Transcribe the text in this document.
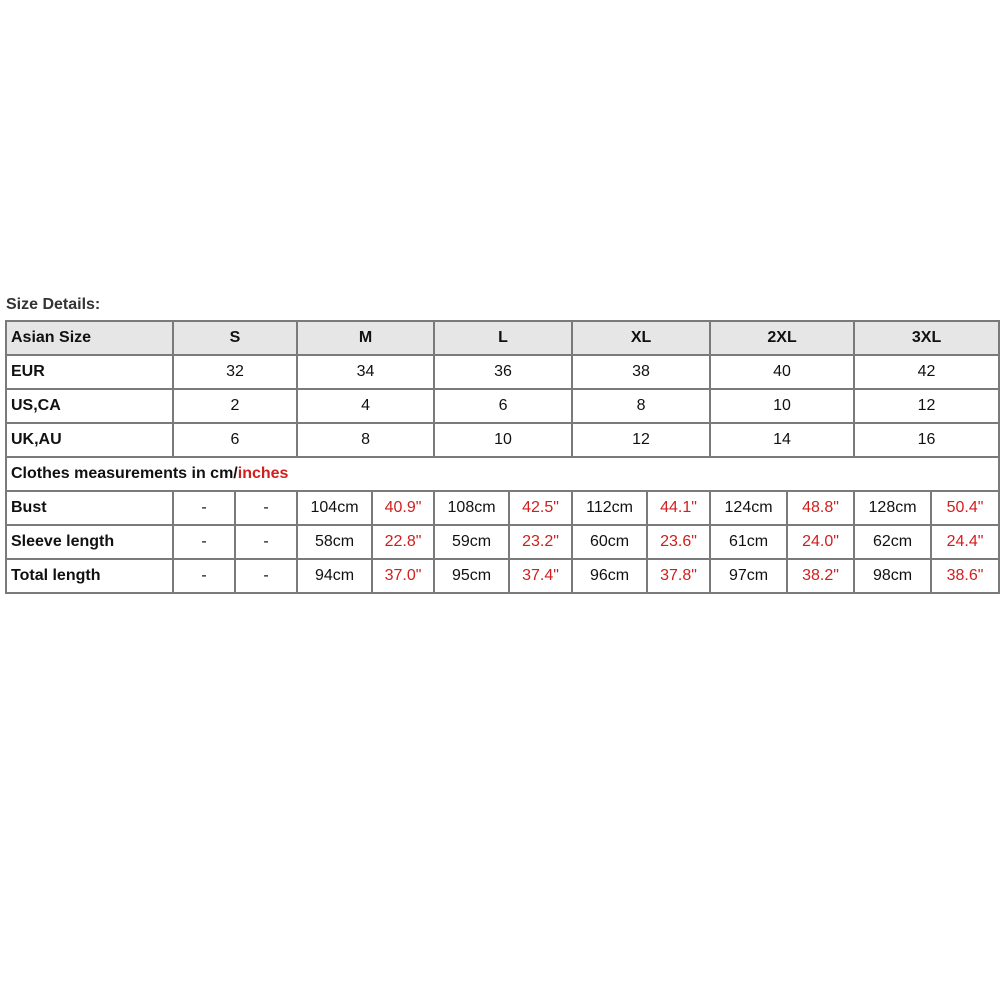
Size Details:
Asian Size	S		M		L		XL		2XL		3XL	
EUR	32		34		36		38		40		42	
US,CA	2		4		6		8		10		12	
UK,AU	6		8		10		12		14		16	
Clothes measurements in cm/inches												
Bust	-	-	104cm	40.9"	108cm	42.5"	112cm	44.1"	124cm	48.8"	128cm	50.4"
Sleeve length	-	-	58cm	22.8"	59cm	23.2"	60cm	23.6"	61cm	24.0"	62cm	24.4"
Total length	-	-	94cm	37.0"	95cm	37.4"	96cm	37.8"	97cm	38.2"	98cm	38.6"
